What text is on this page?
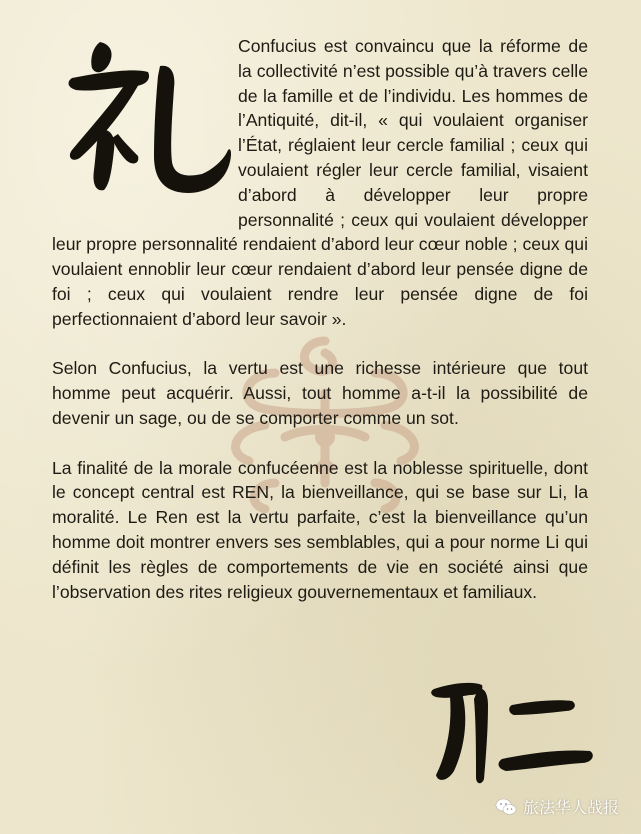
Confucius est convaincu que la réforme de la collectivité n’est possible qu’à travers celle de la famille et de l’individu. Les hommes de l’Antiquité, dit-il, « qui voulaient organiser l’État, réglaient leur cercle familial ; ceux qui voulaient régler leur cercle familial, visaient d’abord à développer leur propre personnalité ; ceux qui voulaient développer leur propre personnalité rendaient d’abord leur cœur noble ; ceux qui voulaient ennoblir leur cœur rendaient d’abord leur pensée digne de foi ; ceux qui voulaient rendre leur pensée digne de foi perfectionnaient d’abord leur savoir ».

Selon Confucius, la vertu est une richesse intérieure que tout homme peut acquérir. Aussi, tout homme a-t-il la possibilité de devenir un sage, ou de se comporter comme un sot.

La finalité de la morale confucéenne est la noblesse spirituelle, dont le concept central est REN, la bienveillance, qui se base sur Li, la moralité. Le Ren est la vertu parfaite, c’est la bienveillance qu’un homme doit montrer envers ses semblables, qui a pour norme Li qui définit les règles de comportements de vie en société ainsi que l’observation des rites religieux gouvernementaux et familiaux.

旅法华人战报
